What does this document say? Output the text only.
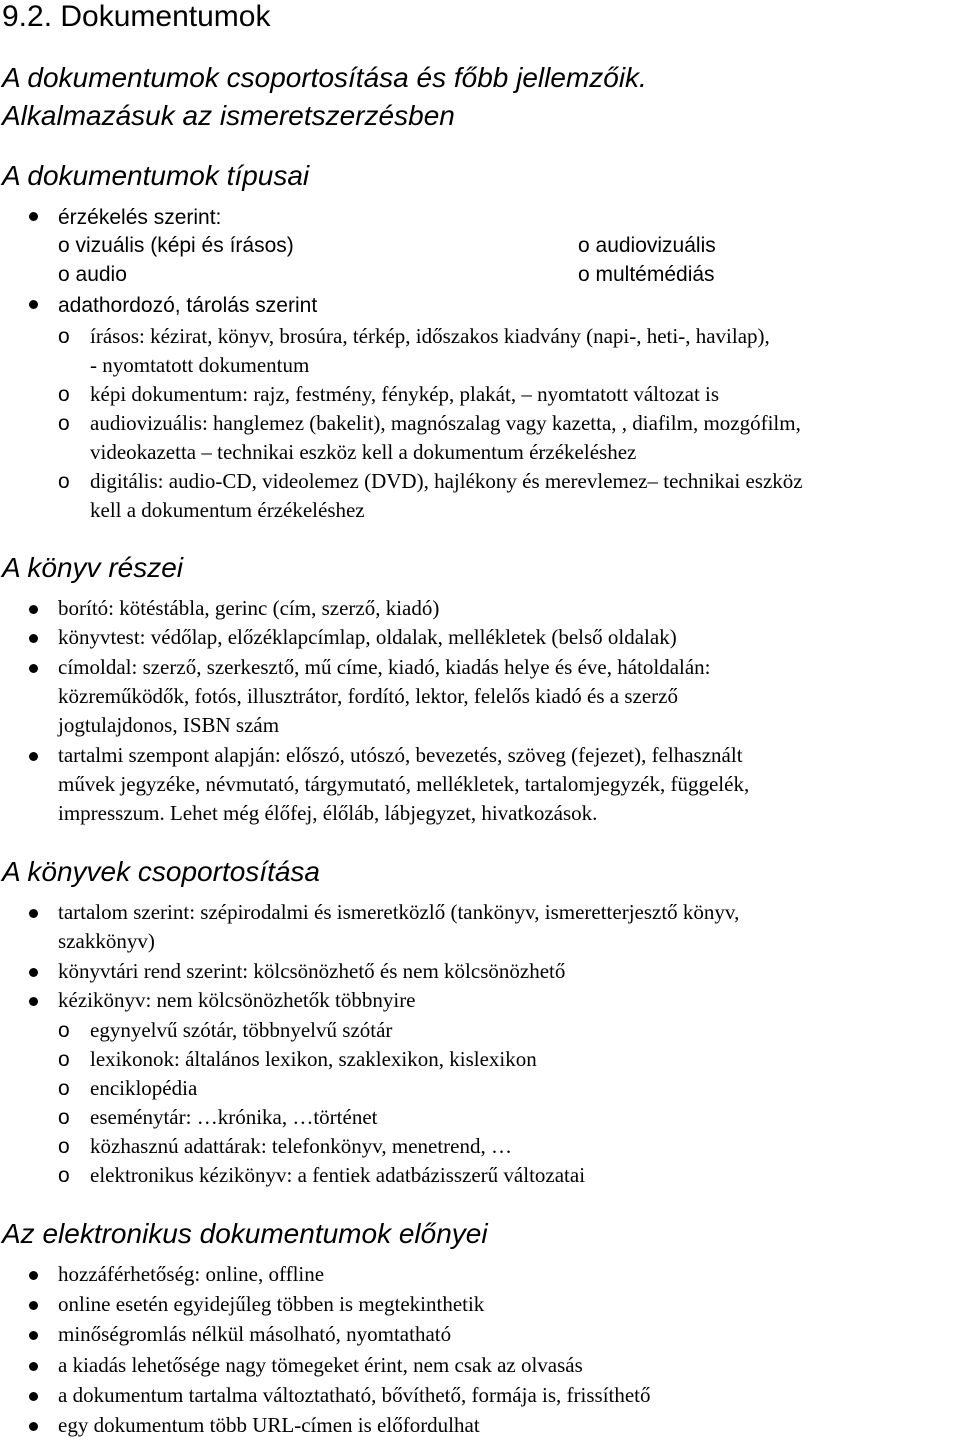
9.2. Dokumentumok
A dokumentumok csoportosítása és főbb jellemzőik.
Alkalmazásuk az ismeretszerzésben
A dokumentumok típusai
érzékelés szerint:
o vizuális (képi és írásos)	o audiovizuális
o audio	o multémédiás
adathordozó, tárolás szerint
o írásos: kézirat, könyv, brosúra, térkép, időszakos kiadvány (napi-, heti-, havilap),
- nyomtatott dokumentum
o képi dokumentum: rajz, festmény, fénykép, plakát, – nyomtatott változat is
o audiovizuális: hanglemez (bakelit), magnószalag vagy kazetta, , diafilm, mozgófilm,
videokazetta – technikai eszköz kell a dokumentum érzékeléshez
o digitális: audio-CD, videolemez (DVD), hajlékony és merevlemez– technikai eszköz
kell a dokumentum érzékeléshez
A könyv részei
borító: kötéstábla, gerinc (cím, szerző, kiadó)
könyvtest: védőlap, előzéklapcímlap, oldalak, mellékletek (belső oldalak)
címoldal: szerző, szerkesztő, mű címe, kiadó, kiadás helye és éve, hátoldalán:
közreműködők, fotós, illusztrátor, fordító, lektor, felelős kiadó és a szerző
jogtulajdonos, ISBN szám
tartalmi szempont alapján: előszó, utószó, bevezetés, szöveg (fejezet), felhasznált
művek jegyzéke, névmutató, tárgymutató, mellékletek, tartalomjegyzék, függelék,
impresszum. Lehet még élőfej, élőláb, lábjegyzet, hivatkozások.
A könyvek csoportosítása
tartalom szerint: szépirodalmi és ismeretközlő (tankönyv, ismeretterjesztő könyv,
szakkönyv)
könyvtári rend szerint: kölcsönözhető és nem kölcsönözhető
kézikönyv: nem kölcsönözhetők többnyire
o egynyelvű szótár, többnyelvű szótár
o lexikonok: általános lexikon, szaklexikon, kislexikon
o enciklopédia
o eseménytár: …krónika, …történet
o közhasznú adattárak: telefonkönyv, menetrend, …
o elektronikus kézikönyv: a fentiek adatbázisszerű változatai
Az elektronikus dokumentumok előnyei
hozzáférhetőség: online, offline
online esetén egyidejűleg többen is megtekinthetik
minőségromlás nélkül másolható, nyomtatható
a kiadás lehetősége nagy tömegeket érint, nem csak az olvasás
a dokumentum tartalma változtatható, bővíthető, formája is, frissíthető
egy dokumentum több URL-címen is előfordulhat
